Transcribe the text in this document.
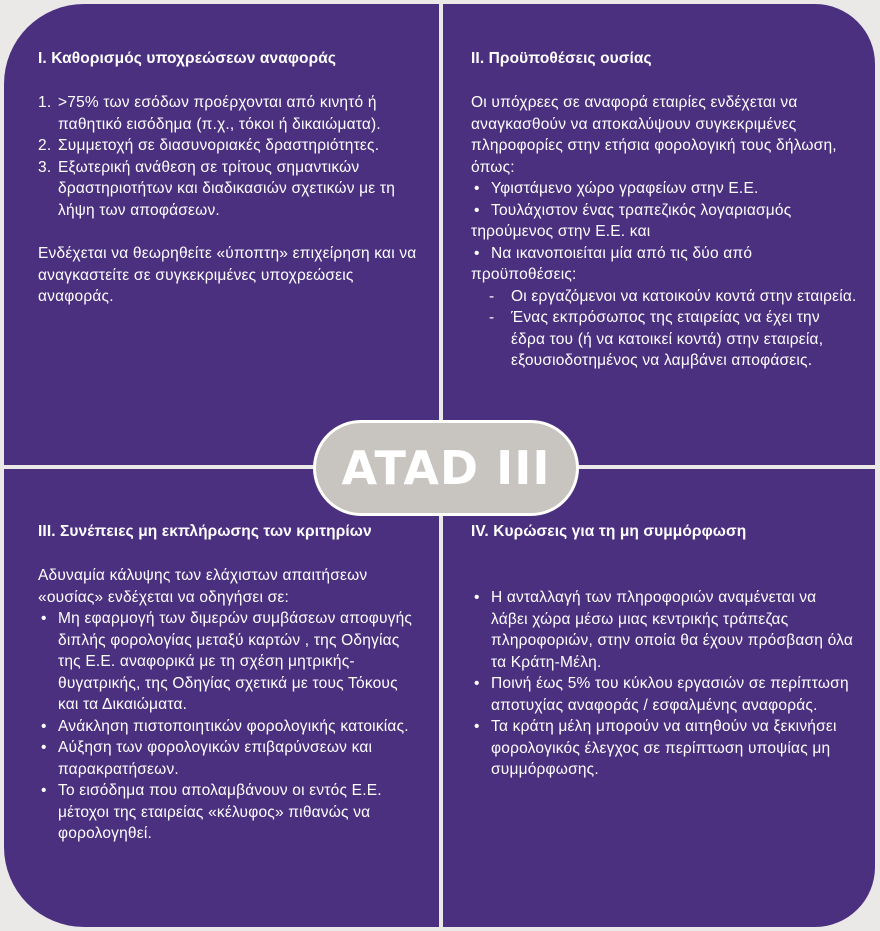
I. Καθορισμός υποχρεώσεων αναφοράς
1. >75% των εσόδων προέρχονται από κινητό ή παθητικό εισόδημα (π.χ., τόκοι ή δικαιώματα).
2. Συμμετοχή σε διασυνοριακές δραστηριότητες.
3. Εξωτερική ανάθεση σε τρίτους σημαντικών δραστηριοτήτων και διαδικασιών σχετικών με τη λήψη των αποφάσεων.

Ενδέχεται να θεωρηθείτε «ύποπτη» επιχείρηση και να αναγκαστείτε σε συγκεκριμένες υποχρεώσεις αναφοράς.

II. Προϋποθέσεις ουσίας

Οι υπόχρεες σε αναφορά εταιρίες ενδέχεται να αναγκασθούν να αποκαλύψουν συγκεκριμένες πληροφορίες στην ετήσια φορολογική τους δήλωση, όπως:

• Υφιστάμενο χώρο γραφείων στην Ε.Ε.
• Τουλάχιστον ένας τραπεζικός λογαριασμός τηρούμενος στην Ε.Ε. και
• Να ικανοποιείται μία από τις δύο από προϋποθέσεις:
- Οι εργαζόμενοι να κατοικούν κοντά στην εταιρεία.
- Ένας εκπρόσωπος της εταιρείας να έχει την έδρα του (ή να κατοικεί κοντά) στην εταιρεία, εξουσιοδοτημένος να λαμβάνει αποφάσεις.
III. Συνέπειες μη εκπλήρωσης των κριτηρίων

Αδυναμία κάλυψης των ελάχιστων απαιτήσεων «ουσίας» ενδέχεται να οδηγήσει σε:

• Μη εφαρμογή των διμερών συμβάσεων αποφυγής διπλής φορολογίας μεταξύ καρτών , της Οδηγίας της Ε.Ε. αναφορικά με τη σχέση μητρικής-θυγατρικής, της Οδηγίας σχετικά με τους Τόκους και τα Δικαιώματα.
• Ανάκληση πιστοποιητικών φορολογικής κατοικίας.
• Αύξηση των φορολογικών επιβαρύνσεων και παρακρατήσεων.
• Το εισόδημα που απολαμβάνουν οι εντός Ε.Ε. μέτοχοι της εταιρείας «κέλυφος» πιθανώς να φορολογηθεί.
IV. Κυρώσεις για τη μη συμμόρφωση
• Η ανταλλαγή των πληροφοριών αναμένεται να λάβει χώρα μέσω μιας κεντρικής τράπεζας πληροφοριών, στην οποία θα έχουν πρόσβαση όλα τα Κράτη-Μέλη.
• Ποινή έως 5% του κύκλου εργασιών σε περίπτωση αποτυχίας αναφοράς / εσφαλμένης αναφοράς.
• Τα κράτη μέλη μπορούν να αιτηθούν να ξεκινήσει φορολογικός έλεγχος σε περίπτωση υποψίας μη συμμόρφωσης.
ATAD III
